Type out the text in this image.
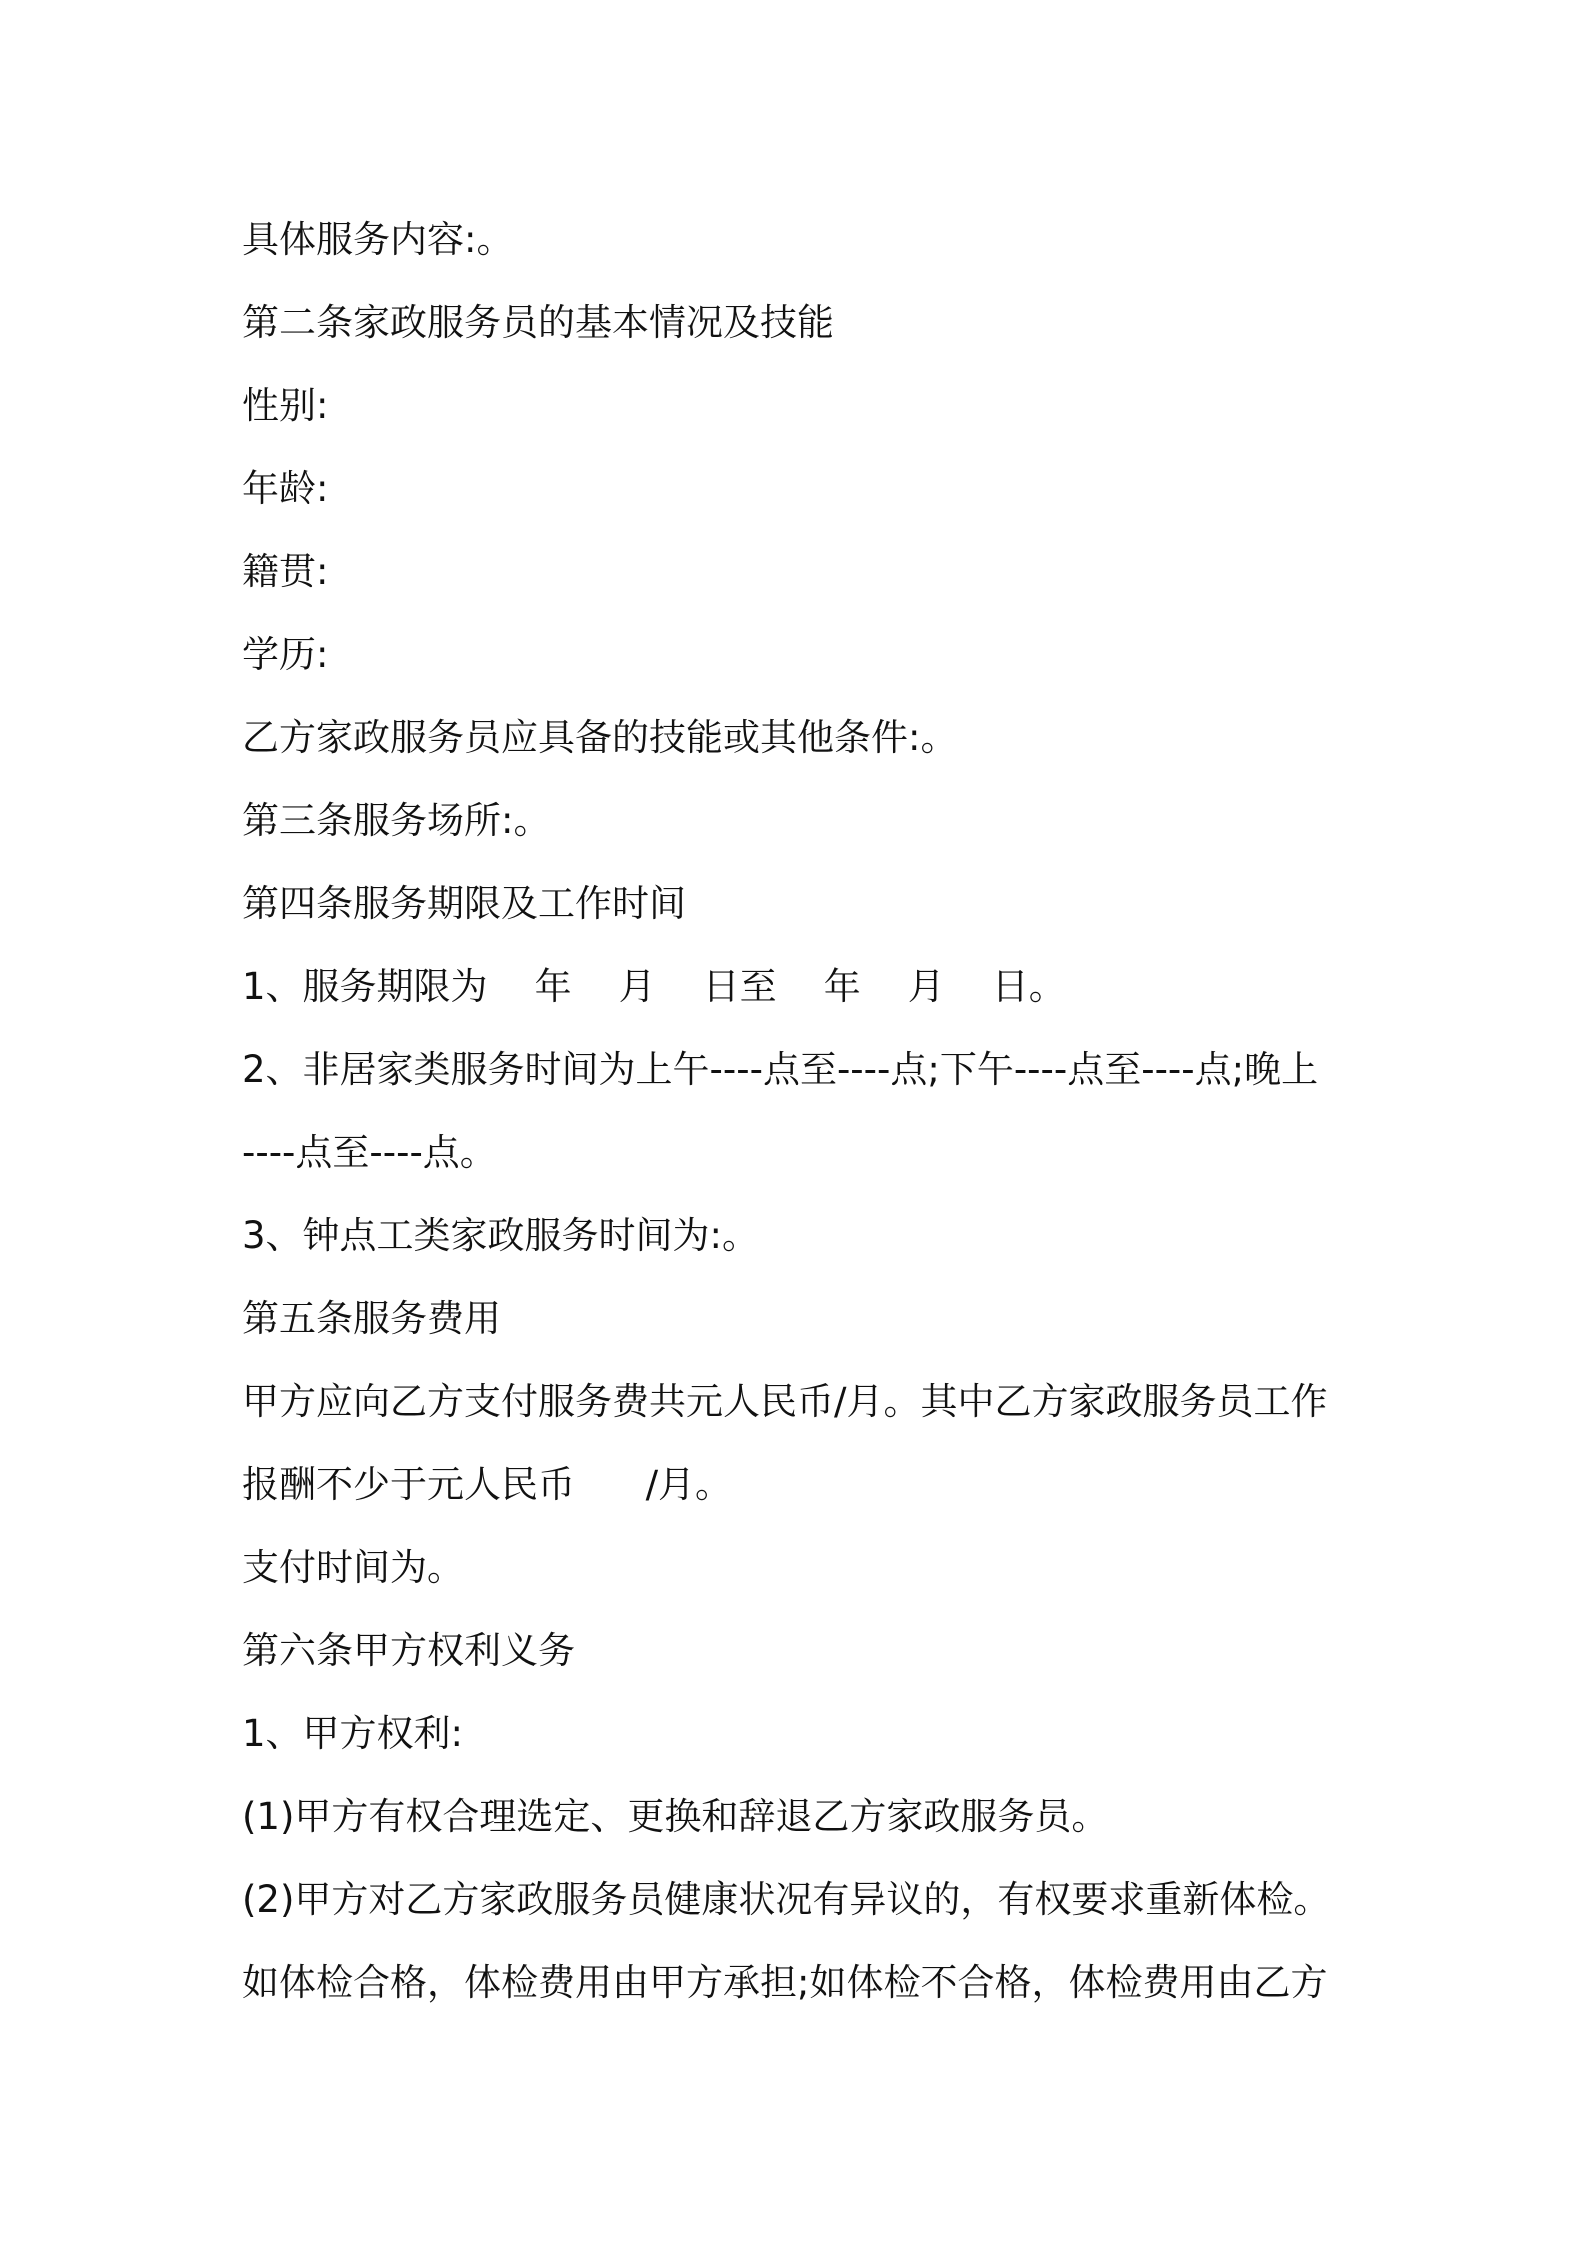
具体服务内容:。

第二条家政服务员的基本情况及技能

性别:

年龄:

籍贯:

学历:

乙方家政服务员应具备的技能或其他条件:。

第三条服务场所:。

第四条服务期限及工作时间

1、服务期限为    年    月    日至    年    月    日。

2、非居家类服务时间为上午----点至----点;下午----点至----点;晚上

----点至----点。

3、钟点工类家政服务时间为:。

第五条服务费用

甲方应向乙方支付服务费共元人民币/月。其中乙方家政服务员工作

报酬不少于元人民币      /月。

支付时间为。

第六条甲方权利义务

1、甲方权利:

(1)甲方有权合理选定、更换和辞退乙方家政服务员。

(2)甲方对乙方家政服务员健康状况有异议的，有权要求重新体检。

如体检合格，体检费用由甲方承担;如体检不合格，体检费用由乙方
